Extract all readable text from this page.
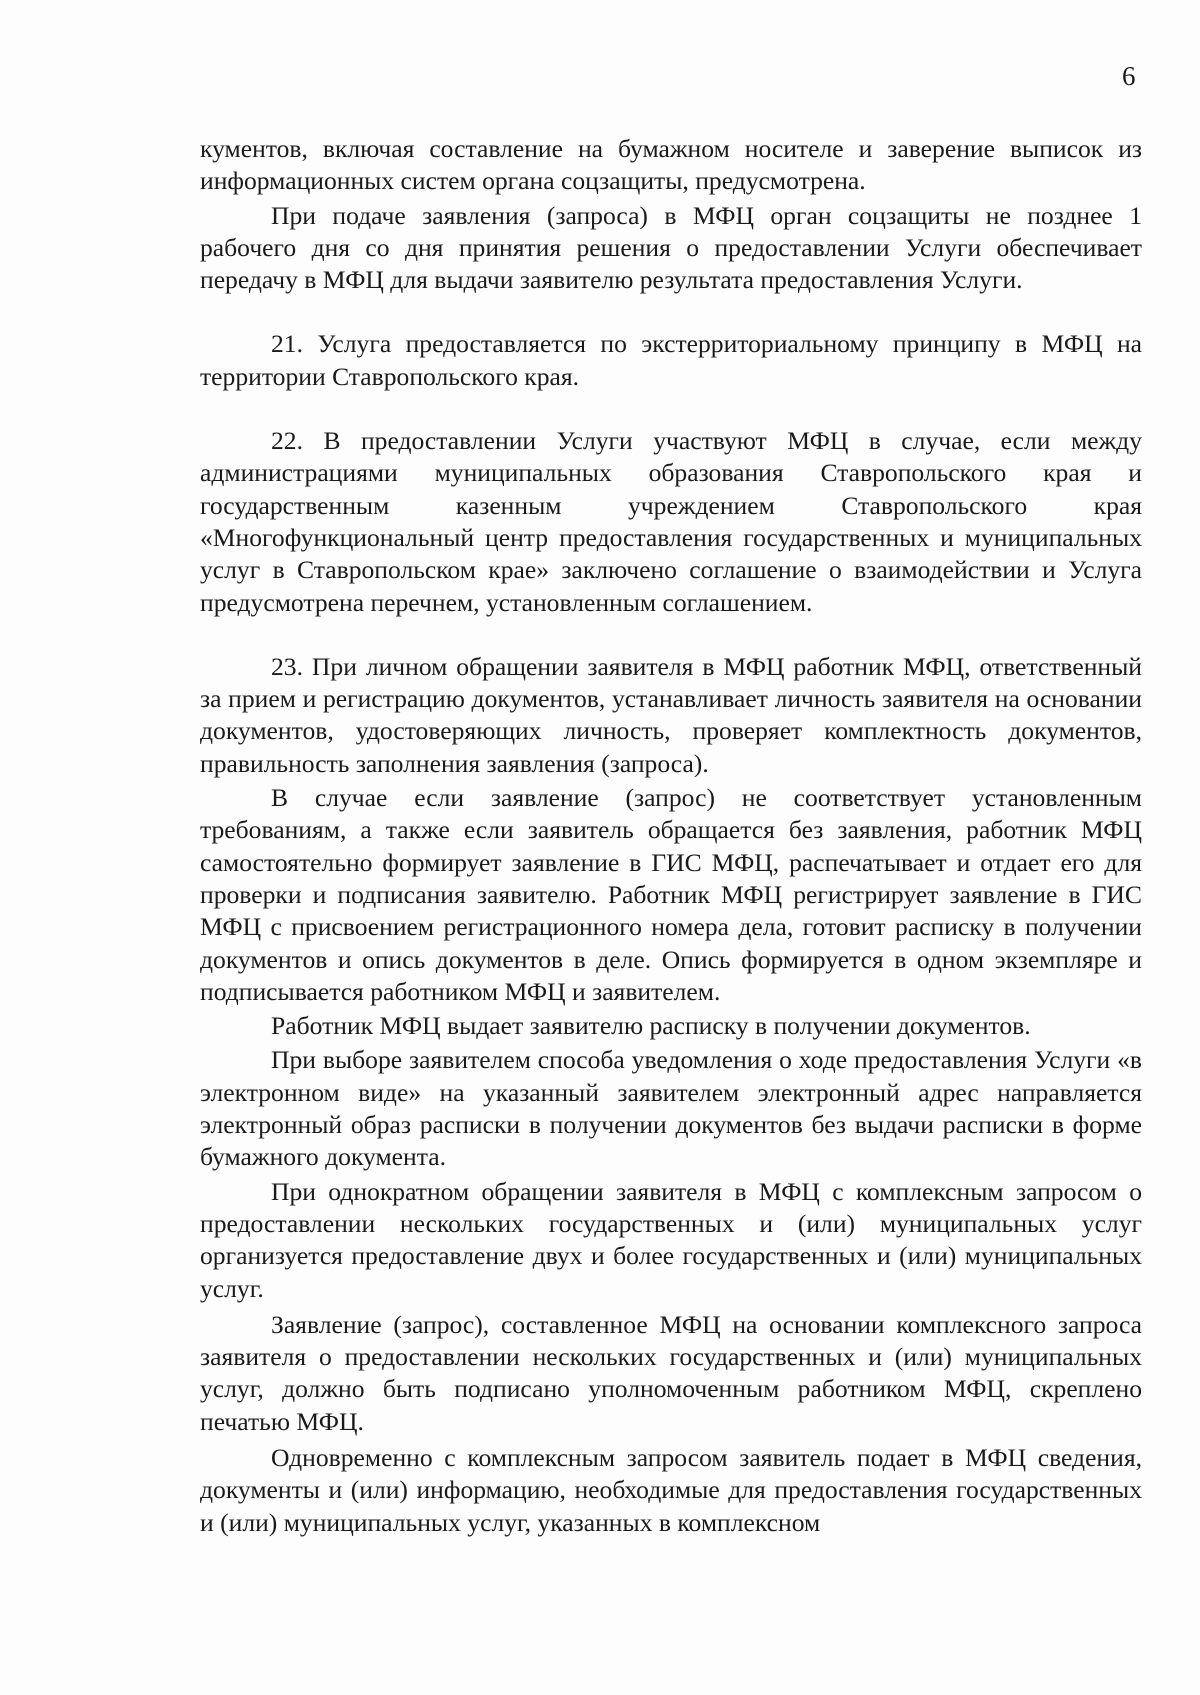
6

кументов, включая составление на бумажном носителе и заверение выписок из информационных систем органа соцзащиты, предусмотрена.

При подаче заявления (запроса) в МФЦ орган соцзащиты не позднее 1 рабочего дня со дня принятия решения о предоставлении Услуги обеспечивает передачу в МФЦ для выдачи заявителю результата предоставления Услуги.

21. Услуга предоставляется по экстерриториальному принципу в МФЦ на территории Ставропольского края.

22. В предоставлении Услуги участвуют МФЦ в случае, если между администрациями муниципальных образования Ставропольского края и государственным казенным учреждением Ставропольского края «Многофункциональный центр предоставления государственных и муниципальных услуг в Ставропольском крае» заключено соглашение о взаимодействии и Услуга предусмотрена перечнем, установленным соглашением.

23. При личном обращении заявителя в МФЦ работник МФЦ, ответственный за прием и регистрацию документов, устанавливает личность заявителя на основании документов, удостоверяющих личность, проверяет комплектность документов, правильность заполнения заявления (запроса).

В случае если заявление (запрос) не соответствует установленным требованиям, а также если заявитель обращается без заявления, работник МФЦ самостоятельно формирует заявление в ГИС МФЦ, распечатывает и отдает его для проверки и подписания заявителю. Работник МФЦ регистрирует заявление в ГИС МФЦ с присвоением регистрационного номера дела, готовит расписку в получении документов и опись документов в деле. Опись формируется в одном экземпляре и подписывается работником МФЦ и заявителем.

Работник МФЦ выдает заявителю расписку в получении документов.

При выборе заявителем способа уведомления о ходе предоставления Услуги «в электронном виде» на указанный заявителем электронный адрес направляется электронный образ расписки в получении документов без выдачи расписки в форме бумажного документа.

При однократном обращении заявителя в МФЦ с комплексным запросом о предоставлении нескольких государственных и (или) муниципальных услуг организуется предоставление двух и более государственных и (или) муниципальных услуг.

Заявление (запрос), составленное МФЦ на основании комплексного запроса заявителя о предоставлении нескольких государственных и (или) муниципальных услуг, должно быть подписано уполномоченным работником МФЦ, скреплено печатью МФЦ.

Одновременно с комплексным запросом заявитель подает в МФЦ сведения, документы и (или) информацию, необходимые для предоставления государственных и (или) муниципальных услуг, указанных в комплексном
